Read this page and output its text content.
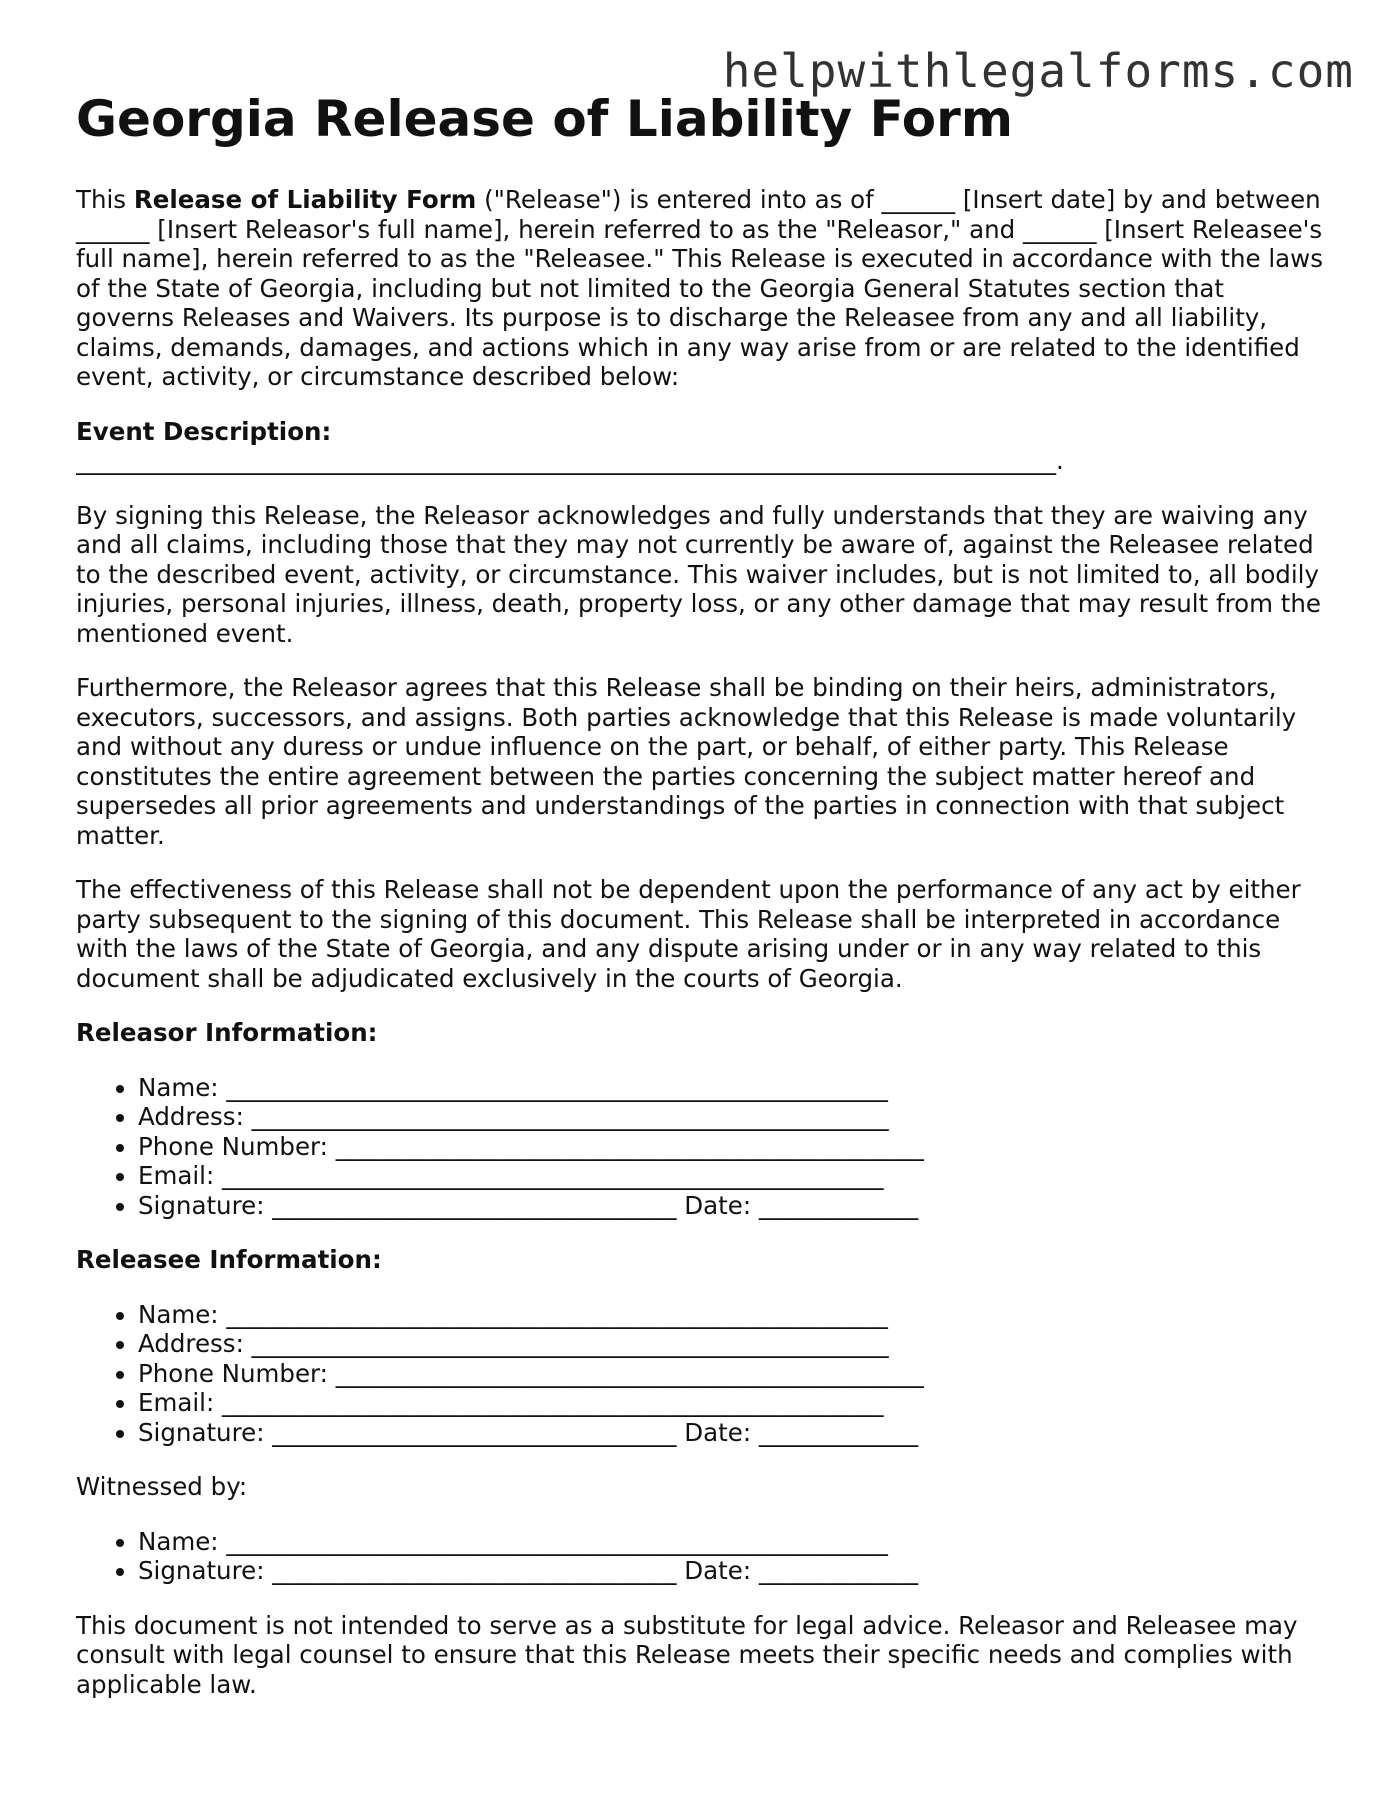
helpwithlegalforms.com
Georgia Release of Liability Form

This Release of Liability Form ("Release") is entered into as of ______ [Insert date] by and between ______ [Insert Releasor's full name], herein referred to as the "Releasor," and ______ [Insert Releasee's full name], herein referred to as the "Releasee." This Release is executed in accordance with the laws of the State of Georgia, including but not limited to the Georgia General Statutes section that governs Releases and Waivers. Its purpose is to discharge the Releasee from any and all liability, claims, demands, damages, and actions which in any way arise from or are related to the identified event, activity, or circumstance described below:

Event Description:

________________________________________________________________________________.

By signing this Release, the Releasor acknowledges and fully understands that they are waiving any and all claims, including those that they may not currently be aware of, against the Releasee related to the described event, activity, or circumstance. This waiver includes, but is not limited to, all bodily injuries, personal injuries, illness, death, property loss, or any other damage that may result from the mentioned event.

Furthermore, the Releasor agrees that this Release shall be binding on their heirs, administrators, executors, successors, and assigns. Both parties acknowledge that this Release is made voluntarily and without any duress or undue influence on the part, or behalf, of either party. This Release constitutes the entire agreement between the parties concerning the subject matter hereof and supersedes all prior agreements and understandings of the parties in connection with that subject matter.

The effectiveness of this Release shall not be dependent upon the performance of any act by either party subsequent to the signing of this document. This Release shall be interpreted in accordance with the laws of the State of Georgia, and any dispute arising under or in any way related to this document shall be adjudicated exclusively in the courts of Georgia.

Releasor Information:

• Name: ______________________________________________________
• Address: ____________________________________________________
• Phone Number: ________________________________________________
• Email: ______________________________________________________
• Signature: _________________________________ Date: _____________

Releasee Information:

• Name: ______________________________________________________
• Address: ____________________________________________________
• Phone Number: ________________________________________________
• Email: ______________________________________________________
• Signature: _________________________________ Date: _____________

Witnessed by:

• Name: ______________________________________________________
• Signature: _________________________________ Date: _____________

This document is not intended to serve as a substitute for legal advice. Releasor and Releasee may consult with legal counsel to ensure that this Release meets their specific needs and complies with applicable law.
